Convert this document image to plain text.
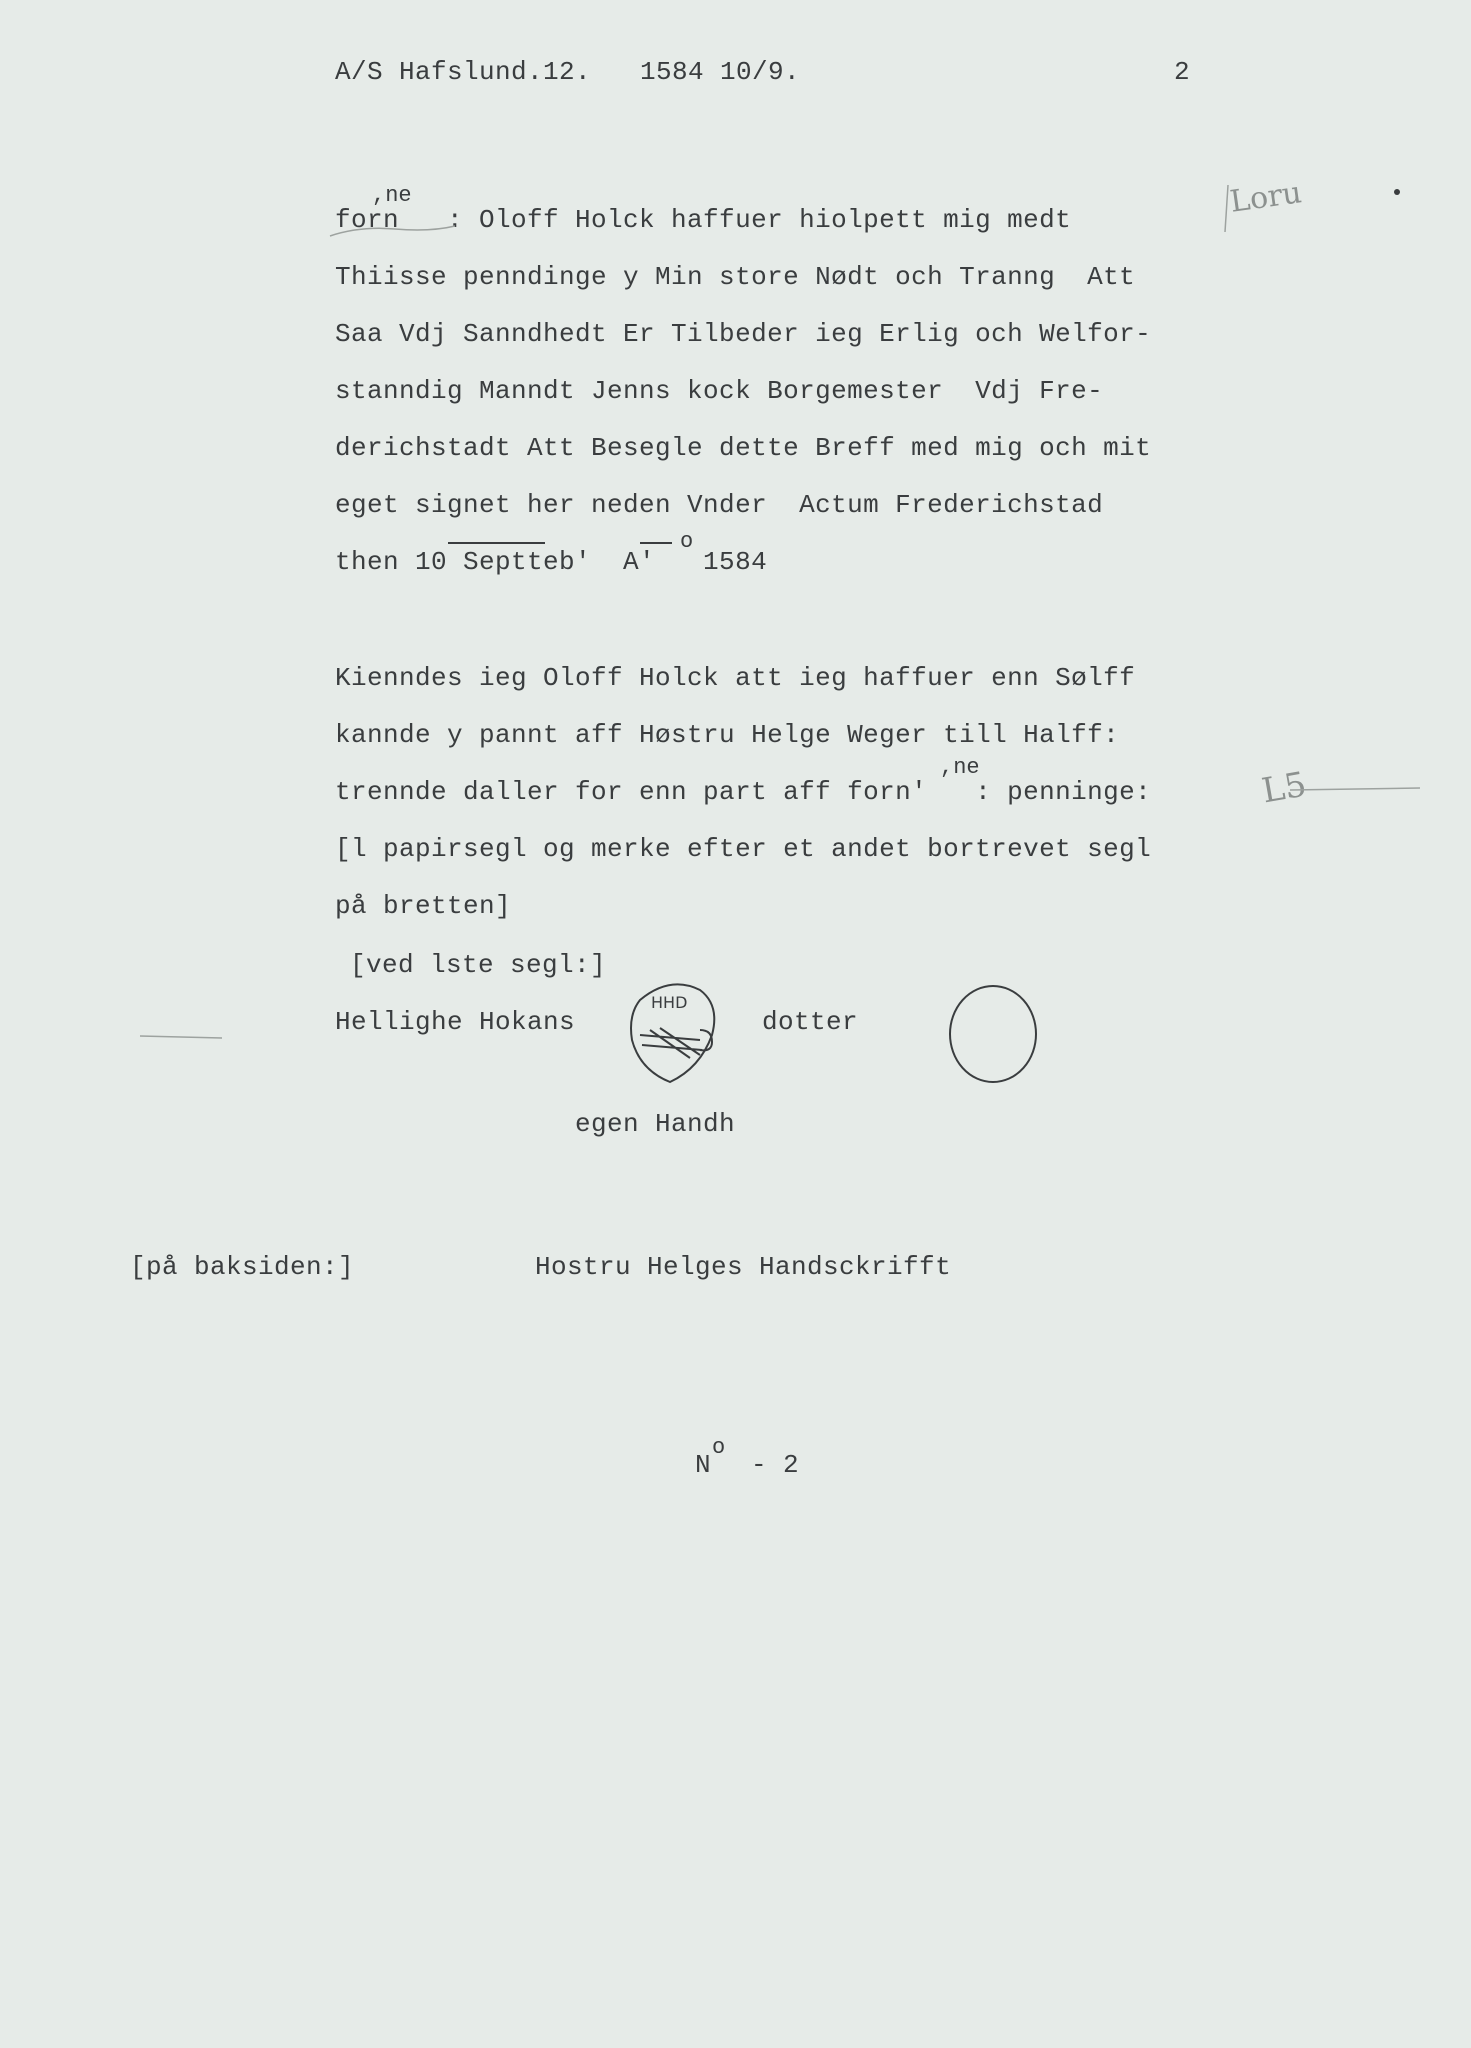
A/S Hafslund.12. 1584 10/9.	2
,ne
forn   : Oloff Holck haffuer hiolpett mig medt
Thiisse penndinge y Min store Nødt och Tranng  Att
Saa Vdj Sanndhedt Er Tilbeder ieg Erlig och Welfor-
stanndig Manndt Jenns kock Borgemester  Vdj Fre-
derichstadt Att Besegle dette Breff med mig och mit
eget signet her neden Vnder  Actum Frederichstad
then 10 Septteb'  A'   1584
o
Kienndes ieg Oloff Holck att ieg haffuer enn Sølff
kannde y pannt aff Høstru Helge Weger till Halff:
,ne
trennde daller for enn part aff forn'   : penninge:
[l papirsegl og merke efter et andet bortrevet segl
på bretten]
[ved lste segl:]
Hellighe Hokans	dotter
egen Handh
[på baksiden:]	Hostru Helges Handsckrifft
N
o
- 2
Loru
L5
HHD
